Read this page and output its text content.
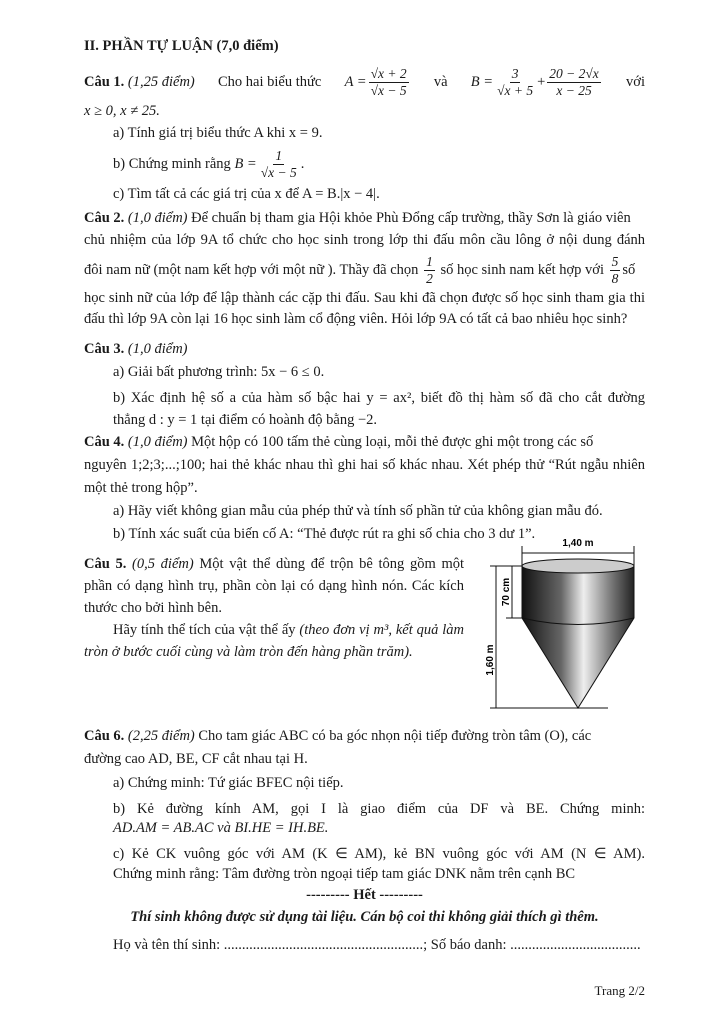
II. PHẦN TỰ LUẬN (7,0 điểm)
Câu 1. (1,25 điểm) Cho hai biểu thức $A = \frac{√x + 2}{√x - 5}$ và $B = \frac{3}{√x + 5} + \frac{20 - 2√x}{x - 25}$ với
x ≥ 0, x ≠ 25.
a) Tính giá trị biểu thức A khi x = 9.
b) Chứng minh rằng
$B = \frac{1}{√x - 5}$ .
c) Tìm tất cả các giá trị của x để A = B.|x − 4|.
Câu 2. (1,0 điểm) Để chuẩn bị tham gia Hội khỏe Phù Đổng cấp trường, thầy Sơn là giáo viên
chủ nhiệm của lớp 9A tổ chức cho học sinh trong lớp thi đấu môn cầu lông ở nội dung đánh
đôi nam nữ (một nam kết hợp với một nữ ). Thầy đã chọn
$\frac{1}{2}$
số học sinh nam kết hợp với
$\frac{5}{8}$ số
học sinh nữ của lớp để lập thành các cặp thi đấu. Sau khi đã chọn được số học sinh tham gia thi
đấu thì lớp 9A còn lại 16 học sinh làm cổ động viên. Hỏi lớp 9A có tất cả bao nhiêu học sinh?
Câu 3. (1,0 điểm)
a) Giải bất phương trình: 5x − 6 ≤ 0.
b) Xác định hệ số a của hàm số bậc hai y = ax², biết đồ thị hàm số đã cho cắt đường
thẳng d : y = 1 tại điểm có hoành độ bằng −2.
Câu 4. (1,0 điểm) Một hộp có 100 tấm thẻ cùng loại, mỗi thẻ được ghi một trong các số
nguyên 1;2;3;...;100; hai thẻ khác nhau thì ghi hai số khác nhau. Xét phép thử “Rút ngẫu nhiên
một thẻ trong hộp”.
a) Hãy viết không gian mẫu của phép thử và tính số phần tử của không gian mẫu đó.
b) Tính xác suất của biến cố A: “Thẻ được rút ra ghi số chia cho 3 dư 1”.

Câu 5. (0,5 điểm) Một vật thể dùng để trộn bê tông gồm một phần có dạng hình trụ, phần còn lại có dạng hình nón. Các kích thước cho bởi hình bên.

Hãy tính thể tích của vật thể ấy (theo đơn vị m³, kết quả làm tròn ở bước cuối cùng và làm tròn đến hàng phần trăm).

1,40 m
70 cm
1,60 m
Câu 6. (2,25 điểm) Cho tam giác ABC có ba góc nhọn nội tiếp đường tròn tâm (O), các
đường cao AD, BE, CF cắt nhau tại H.
a) Chứng minh: Tứ giác BFEC nội tiếp.
b) Kẻ đường kính AM, gọi I là giao điểm của DF và BE. Chứng minh:
AD.AM = AB.AC và BI.HE = IH.BE.
c) Kẻ CK vuông góc với AM (K ∈ AM), kẻ BN vuông góc với AM (N ∈ AM).
Chứng minh rằng: Tâm đường tròn ngoại tiếp tam giác DNK nằm trên cạnh BC
--------- Hết ---------
Thí sinh không được sử dụng tài liệu. Cán bộ coi thi không giải thích gì thêm.
Họ và tên thí sinh: .......................................................; Số báo danh: ....................................
Trang 2/2
